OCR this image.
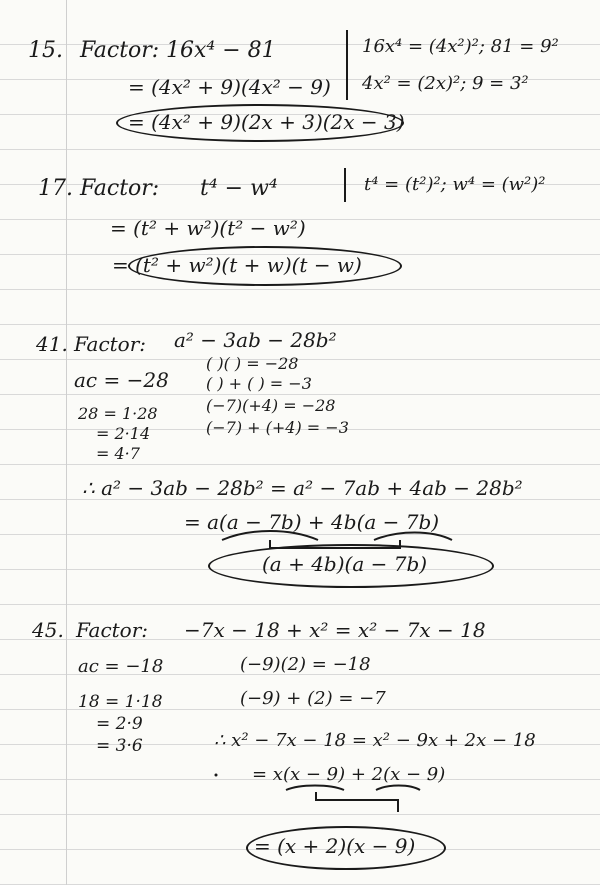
15. Factor: 16x⁴ − 81
= (4x² + 9)(4x² − 9)
= (4x² + 9)(2x + 3)(2x − 3)
16x⁴ = (4x²)²; 81 = 9²
4x² = (2x)²; 9 = 3²
17. Factor: t⁴ − w⁴
= (t² + w²)(t² − w²)
= (t² + w²)(t + w)(t − w)
t⁴ = (t²)²; w⁴ = (w²)²
41. Factor: a² − 3ab − 28b²
ac = −28
28 = 1·28
= 2·14
= 4·7
( )( ) = −28
( ) + ( ) = −3
(−7)(+4) = −28
(−7) + (+4) = −3
∴ a² − 3ab − 28b² = a² − 7ab + 4ab − 28b²
= a(a − 7b) + 4b(a − 7b)
(a + 4b)(a − 7b)
45. Factor: −7x − 18 + x² = x² − 7x − 18
ac = −18
18 = 1·18
= 2·9
= 3·6
(−9)(2) = −18
(−9) + (2) = −7
∴ x² − 7x − 18 = x² − 9x + 2x − 18
= x(x − 9) + 2(x − 9)
= (x + 2)(x − 9)
